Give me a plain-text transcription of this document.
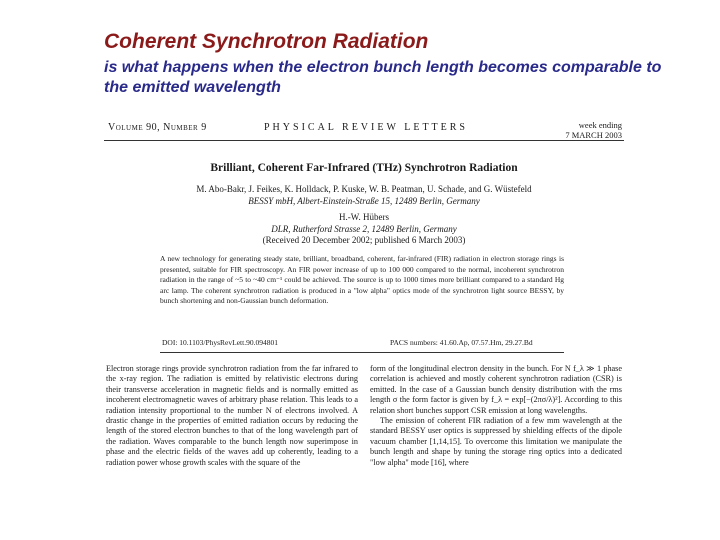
Coherent Synchrotron Radiation
is what happens when the electron bunch length becomes comparable to the emitted wavelength
Volume 90, Number 9	PHYSICAL REVIEW LETTERS	week ending
7 MARCH 2003
Brilliant, Coherent Far-Infrared (THz) Synchrotron Radiation
M. Abo-Bakr, J. Feikes, K. Holldack, P. Kuske, W. B. Peatman, U. Schade, and G. Wüstefeld
BESSY mbH, Albert-Einstein-Straße 15, 12489 Berlin, Germany
H.-W. Hübers
DLR, Rutherford Strasse 2, 12489 Berlin, Germany
(Received 20 December 2002; published 6 March 2003)
A new technology for generating steady state, brilliant, broadband, coherent, far-infrared (FIR) radiation in electron storage rings is presented, suitable for FIR spectroscopy. An FIR power increase of up to 100 000 compared to the normal, incoherent synchrotron radiation in the range of ~5 to ~40 cm⁻¹ could be achieved. The source is up to 1000 times more brilliant compared to a standard Hg arc lamp. The coherent synchrotron radiation is produced in a "low alpha" optics mode of the synchrotron light source BESSY, by bunch shortening and non-Gaussian bunch deformation.
DOI: 10.1103/PhysRevLett.90.094801	PACS numbers: 41.60.Ap, 07.57.Hm, 29.27.Bd

Electron storage rings provide synchrotron radiation from the far infrared to the x-ray region. The radiation is emitted by relativistic electrons during their transverse acceleration in magnetic fields and is normally emitted as incoherent electromagnetic waves of arbitrary phase relation. This leads to a radiation intensity proportional to the number N of electrons involved. A drastic change in the properties of emitted radiation occurs by reducing the length of the stored electron bunches to that of the long wavelength part of the radiation. Waves comparable to the bunch length now superimpose in phase and the electric fields of the waves add up coherently, leading to a radiation power whose growth scales with the square of the

form of the longitudinal electron density in the bunch. For N f_λ ≫ 1 phase correlation is achieved and mostly coherent synchrotron radiation (CSR) is emitted. In the case of a Gaussian bunch density distribution with the rms length σ the form factor is given by f_λ = exp[−(2πσ/λ)²]. According to this relation short bunches support CSR emission at long wavelengths.

The emission of coherent FIR radiation of a few mm wavelength at the standard BESSY user optics is suppressed by shielding effects of the dipole vacuum chamber [1,14,15]. To overcome this limitation we manipulate the bunch length and shape by tuning the storage ring optics into a dedicated "low alpha" mode [16], where
